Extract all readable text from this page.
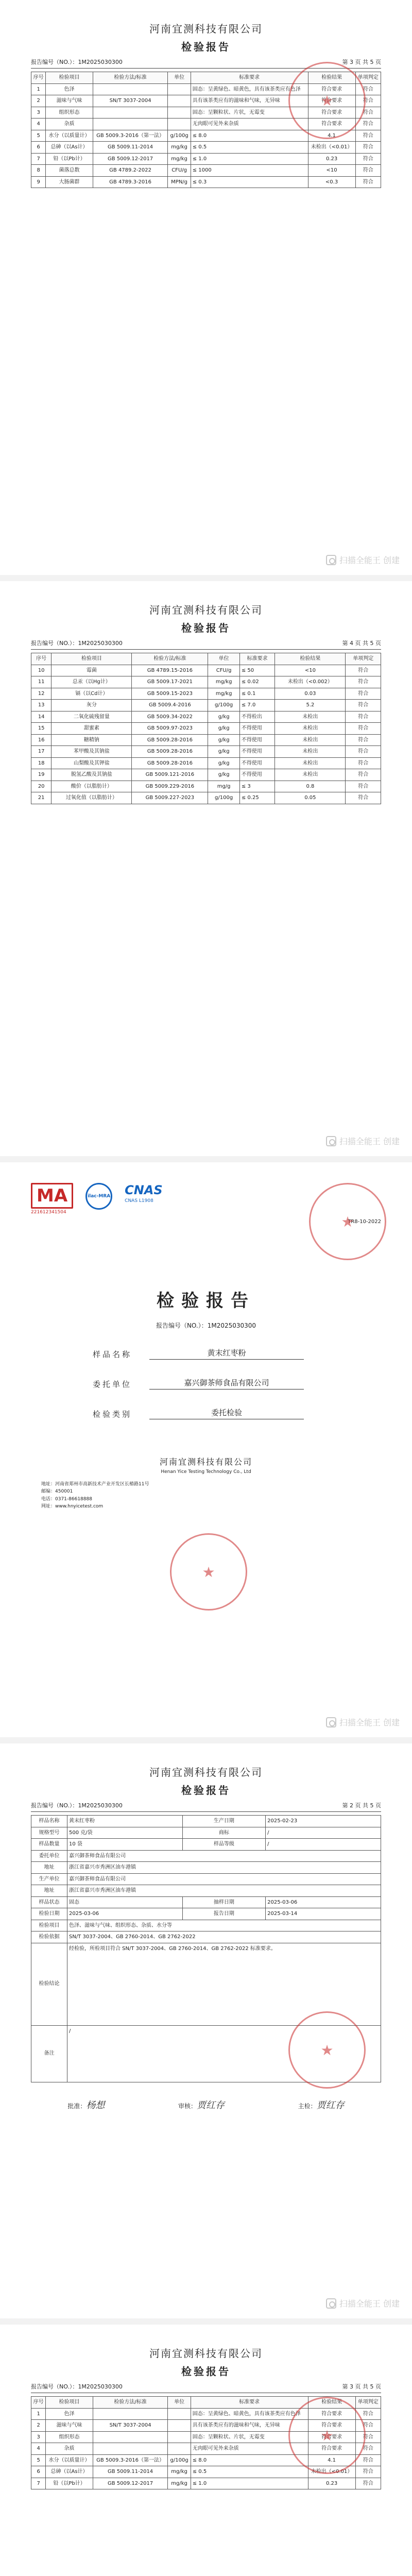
河南宜测科技有限公司
检验报告
报告编号（NO.）：1M2025030300	第 3 页 共 5 页
序号	检验项目	检验方法/标准	单位	标准要求	检验结果	单项判定
1	色泽			固态：呈黄绿色、暗黄色，具有该茶类应有色泽	符合要求	符合
2	滋味与气味	SN/T 3037-2004		具有该茶类应有的滋味和气味，无异味	符合要求	符合
3	组织形态			固态：呈颗粒状、片状，无霉变	符合要求	符合
4	杂质			无肉眼可见外来杂质	符合要求	符合
5	水分（以质量计）	GB 5009.3-2016（第一法）	g/100g	≤ 8.0	4.1	符合
6	总砷（以As计）	GB 5009.11-2014	mg/kg	≤ 0.5	未检出（<0.01）	符合
7	铅（以Pb计）	GB 5009.12-2017	mg/kg	≤ 1.0	0.23	符合
8	菌落总数	GB 4789.2-2022	CFU/g	≤ 1000	<10	符合
9	大肠菌群	GB 4789.3-2016	MPN/g	≤ 0.3	<0.3	符合
★
扫描全能王 创建
河南宜测科技有限公司
检验报告
报告编号（NO.）：1M2025030300	第 4 页 共 5 页
序号	检验项目	检验方法/标准	单位	标准要求	检验结果	单项判定
10	霉菌	GB 4789.15-2016	CFU/g	≤ 50	<10	符合
11	总汞（以Hg计）	GB 5009.17-2021	mg/kg	≤ 0.02	未检出（<0.002）	符合
12	镉（以Cd计）	GB 5009.15-2023	mg/kg	≤ 0.1	0.03	符合
13	灰分	GB 5009.4-2016	g/100g	≤ 7.0	5.2	符合
14	二氧化硫残留量	GB 5009.34-2022	g/kg	不得检出	未检出	符合
15	甜蜜素	GB 5009.97-2023	g/kg	不得使用	未检出	符合
16	糖精钠	GB 5009.28-2016	g/kg	不得使用	未检出	符合
17	苯甲酸及其钠盐	GB 5009.28-2016	g/kg	不得使用	未检出	符合
18	山梨酸及其钾盐	GB 5009.28-2016	g/kg	不得使用	未检出	符合
19	脱氢乙酸及其钠盐	GB 5009.121-2016	g/kg	不得使用	未检出	符合
20	酸价（以脂肪计）	GB 5009.229-2016	mg/g	≤ 3	0.8	符合
21	过氧化值（以脂肪计）	GB 5009.227-2023	g/100g	≤ 0.25	0.05	符合
扫描全能王 创建
MA
221612341504
ilac-MRA CNAS
CNAS L1908
TR8-10-2022
检验报告
报告编号（NO.）：1M2025030300
样品名称	黄末红枣粉
委托单位	嘉兴御茶师食品有限公司
检验类别	委托检验
河南宜测科技有限公司
Henan Yice Testing Technology Co., Ltd
地址：河南省郑州市高新技术产业开发区长椿路11号
邮编：450001
电话：0371-86618888
网址：www.hnyicetest.com
★
★
扫描全能王 创建
河南宜测科技有限公司
检验报告
报告编号（NO.）：1M2025030300	第 2 页 共 5 页
样品名称	黄末红枣粉	生产日期	2025-02-23
规格型号	500 克/袋	商标	/
样品数量	10 袋	样品等级	/
委托单位	嘉兴御茶师食品有限公司		
地址	浙江省嘉兴市秀洲区油车港镇		
生产单位	嘉兴御茶师食品有限公司		
地址	浙江省嘉兴市秀洲区油车港镇		
样品状态	固态	抽样日期	2025-03-06
检验日期	2025-03-06	报告日期	2025-03-14
检验项目	色泽、滋味与气味、组织形态、杂质、水分等		
检验依据	SN/T 3037-2004、GB 2760-2014、GB 2762-2022		
检验结论	经检验，所检项目符合 SN/T 3037-2004、GB 2760-2014、GB 2762-2022 标准要求。		
备注	/		
批准：杨想	审核：贾红存	主检：贾红存
★
扫描全能王 创建
河南宜测科技有限公司
检验报告
报告编号（NO.）：1M2025030300	第 3 页 共 5 页
序号	检验项目	检验方法/标准	单位	标准要求	检验结果	单项判定
1	色泽			固态：呈黄绿色、暗黄色，具有该茶类应有色泽	符合要求	符合
2	滋味与气味	SN/T 3037-2004		具有该茶类应有的滋味和气味，无异味	符合要求	符合
3	组织形态			固态：呈颗粒状、片状，无霉变	符合要求	符合
4	杂质			无肉眼可见外来杂质	符合要求	符合
5	水分（以质量计）	GB 5009.3-2016（第一法）	g/100g	≤ 8.0	4.1	符合
6	总砷（以As计）	GB 5009.11-2014	mg/kg	≤ 0.5	未检出（<0.01）	符合
7	铅（以Pb计）	GB 5009.12-2017	mg/kg	≤ 1.0	0.23	符合
★
